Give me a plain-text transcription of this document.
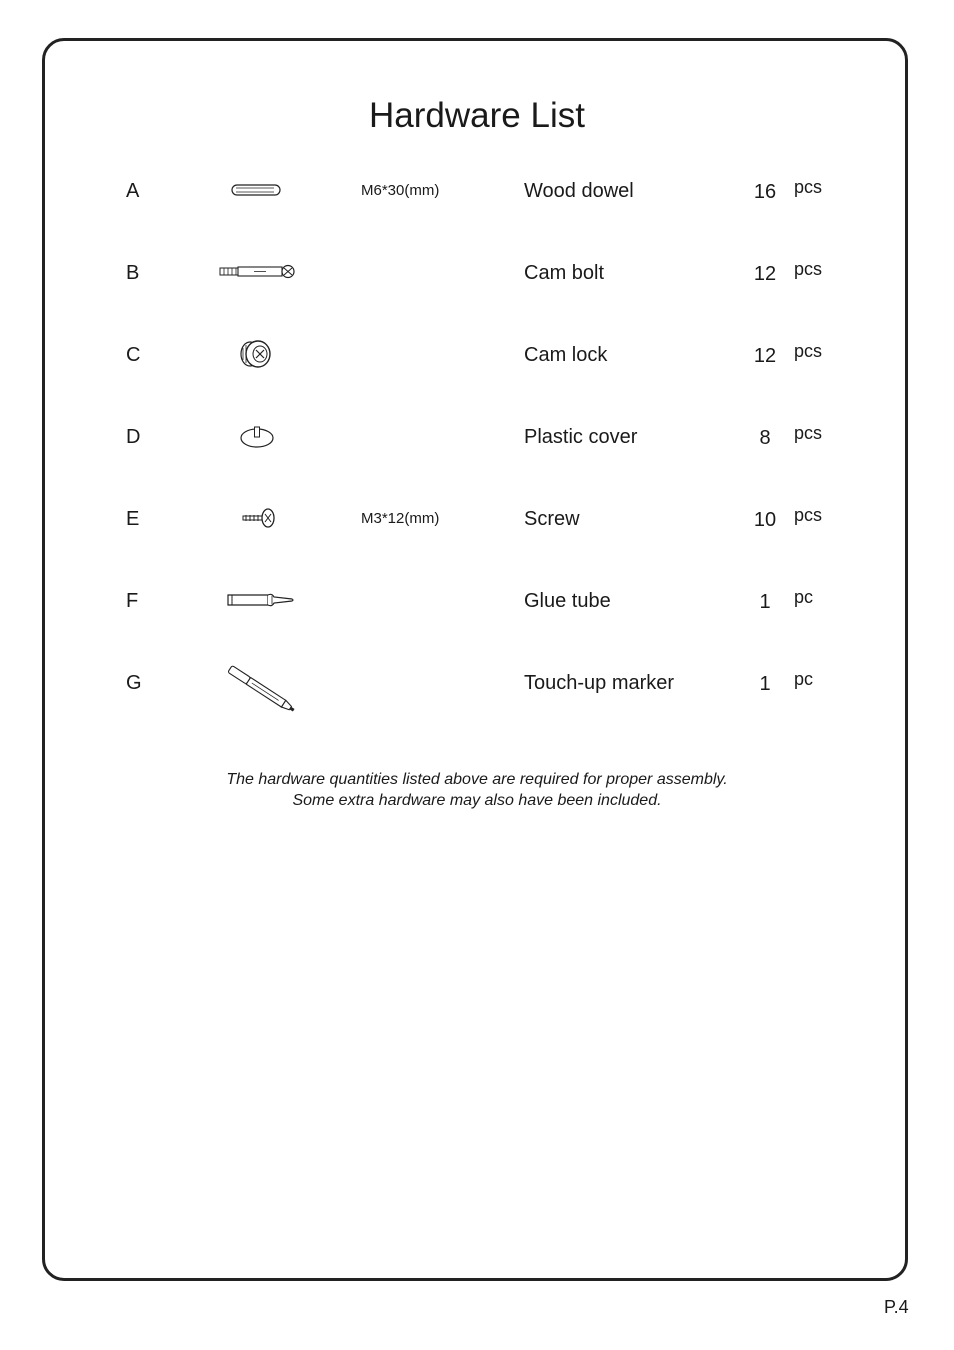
Hardware List
A	M6*30(mm)	Wood dowel	16 pcs
B	Cam bolt	12 pcs
C	Cam lock	12 pcs
D	Plastic cover	8	pcs
E	M3*12(mm)	Screw	10 pcs
F	Glue tube	1	pc
G	Touch-up marker	1	pc
The hardware quantities listed above are required for proper assembly.
Some extra hardware may also have been included.
P.4
